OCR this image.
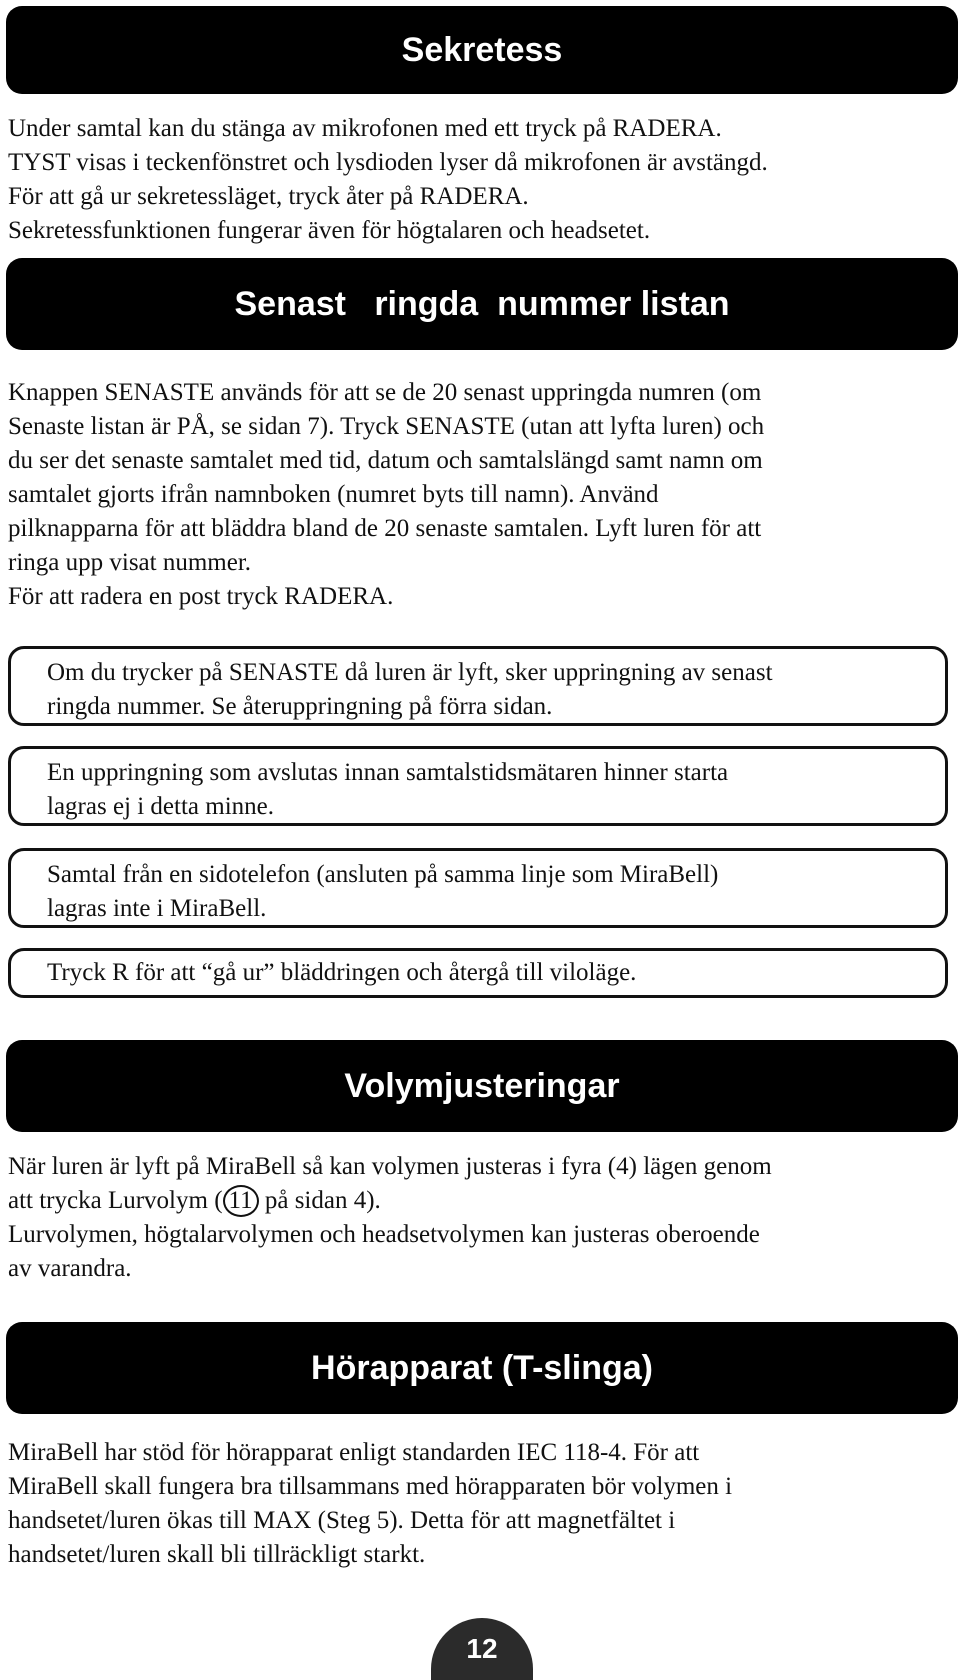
Sekretess
Under samtal kan du stänga av mikrofonen med ett tryck på RADERA.
TYST visas i teckenfönstret och lysdioden lyser då mikrofonen är avstängd.
För att gå ur sekretessläget, tryck åter på RADERA.
Sekretessfunktionen fungerar även för högtalaren och headsetet.
Senast   ringda  nummer listan
Knappen SENASTE används för att se de 20 senast uppringda numren (om
Senaste listan är PÅ, se sidan 7). Tryck SENASTE (utan att lyfta luren) och
du ser det senaste samtalet med tid, datum och samtalslängd samt namn om
samtalet gjorts ifrån namnboken (numret byts till namn). Använd
pilknapparna för att bläddra bland de 20 senaste samtalen. Lyft luren för att
ringa upp visat nummer.
För att radera en post tryck RADERA.
Om du trycker på SENASTE då luren är lyft, sker uppringning av senast
ringda nummer. Se återuppringning på förra sidan.
En uppringning som avslutas innan samtalstidsmätaren hinner starta
lagras ej i detta minne.
Samtal från en sidotelefon (ansluten på samma linje som MiraBell)
lagras inte i MiraBell.
Tryck R för att “gå ur” bläddringen och återgå till viloläge.
Volymjusteringar
När luren är lyft på MiraBell så kan volymen justeras i fyra (4) lägen genom
att trycka Lurvolym ( 11 på sidan 4).
Lurvolymen, högtalarvolymen och headsetvolymen kan justeras oberoende
av varandra.
Hörapparat (T-slinga)
MiraBell har stöd för hörapparat enligt standarden IEC 118-4. För att
MiraBell skall fungera bra tillsammans med hörapparaten bör volymen i
handsetet/luren ökas till MAX (Steg 5). Detta för att magnetfältet i
handsetet/luren skall bli tillräckligt starkt.
12
